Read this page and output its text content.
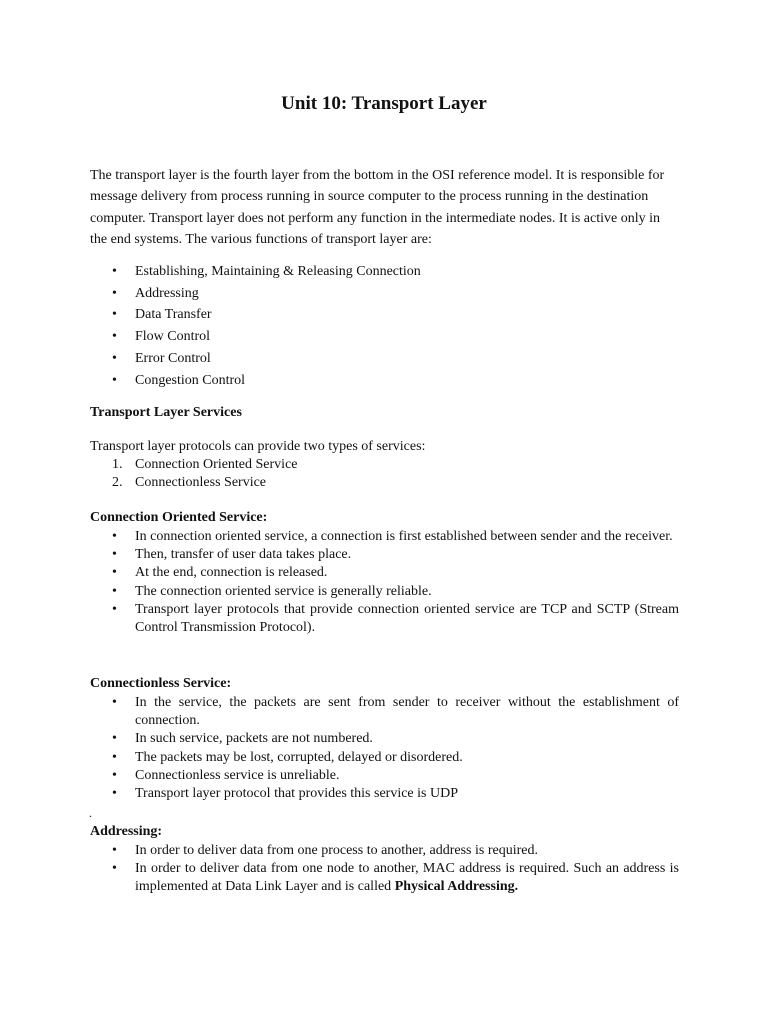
Unit 10: Transport Layer

The transport layer is the fourth layer from the bottom in the OSI reference model. It is responsible for message delivery from process running in source computer to the process running in the destination computer. Transport layer does not perform any function in the intermediate nodes. It is active only in the end systems. The various functions of transport layer are:

• Establishing, Maintaining & Releasing Connection
• Addressing
• Data Transfer
• Flow Control
• Error Control
• Congestion Control
Transport Layer Services

Transport layer protocols can provide two types of services:

1. Connection Oriented Service
2. Connectionless Service
Connection Oriented Service:
• In connection oriented service, a connection is first established between sender and the receiver.
• Then, transfer of user data takes place.
• At the end, connection is released.
• The connection oriented service is generally reliable.
• Transport layer protocols that provide connection oriented service are TCP and SCTP (Stream Control Transmission Protocol).
Connectionless Service:
• In the service, the packets are sent from sender to receiver without the establishment of connection.
• In such service, packets are not numbered.
• The packets may be lost, corrupted, delayed or disordered.
• Connectionless service is unreliable.
• Transport layer protocol that provides this service is UDP
.
Addressing:
• In order to deliver data from one process to another, address is required.
• In order to deliver data from one node to another, MAC address is required. Such an address is implemented at Data Link Layer and is called Physical Addressing.
